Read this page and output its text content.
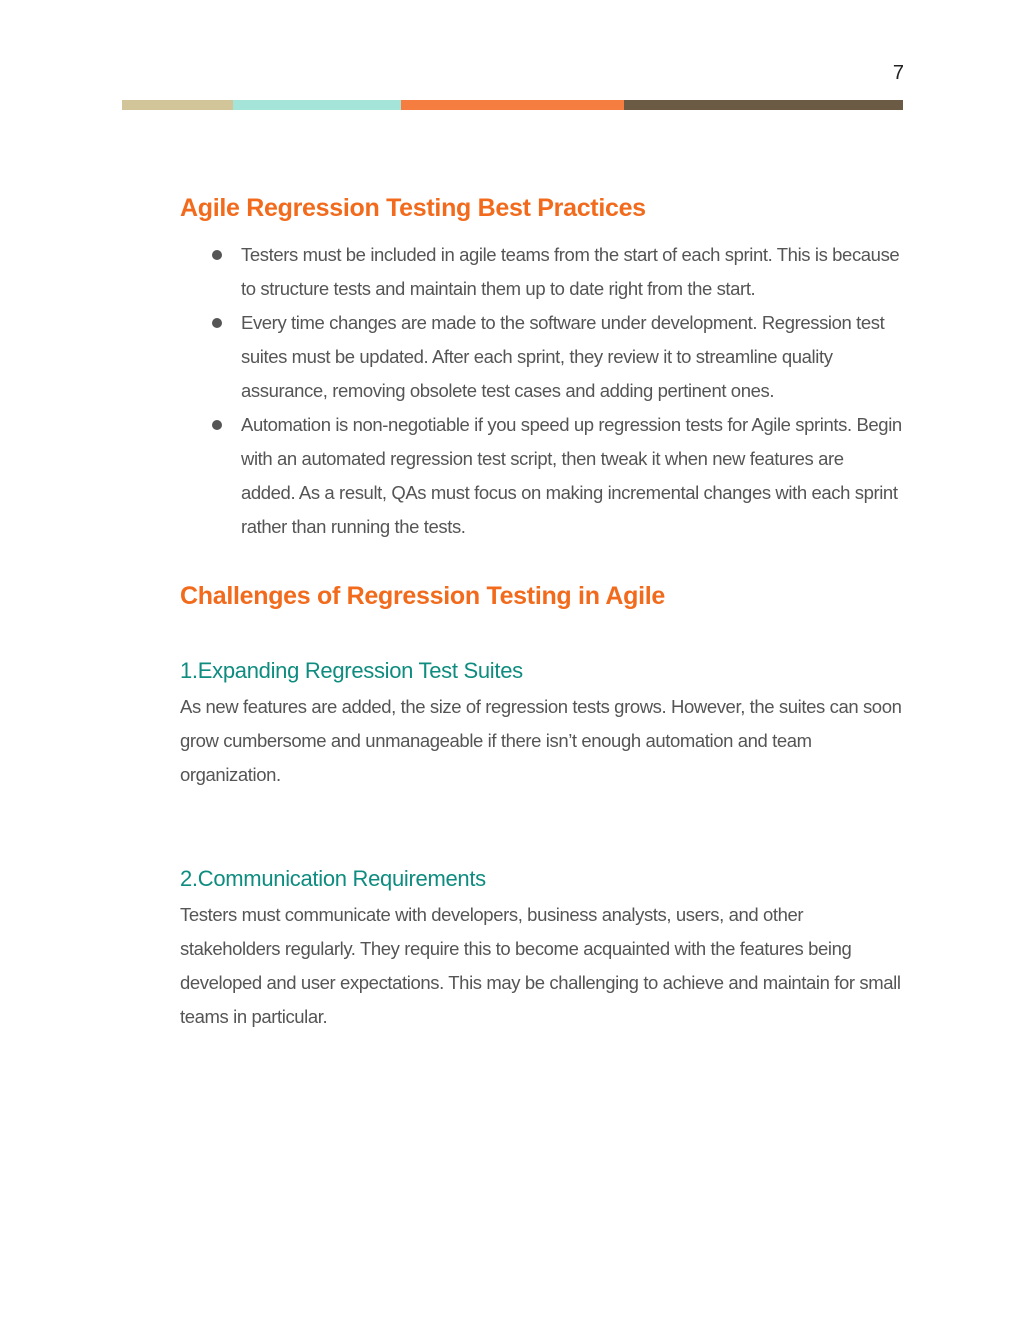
7
Agile Regression Testing Best Practices
Testers must be included in agile teams from the start of each sprint. This is because to structure tests and maintain them up to date right from the start.
Every time changes are made to the software under development. Regression test suites must be updated. After each sprint, they review it to streamline quality assurance, removing obsolete test cases and adding pertinent ones.
Automation is non-negotiable if you speed up regression tests for Agile sprints. Begin with an automated regression test script, then tweak it when new features are added. As a result, QAs must focus on making incremental changes with each sprint rather than running the tests.
Challenges of Regression Testing in Agile
1.Expanding Regression Test Suites

As new features are added, the size of regression tests grows. However, the suites can soon grow cumbersome and unmanageable if there isn’t enough automation and team organization.

2.Communication Requirements

Testers must communicate with developers, business analysts, users, and other stakeholders regularly. They require this to become acquainted with the features being developed and user expectations. This may be challenging to achieve and maintain for small teams in particular.
